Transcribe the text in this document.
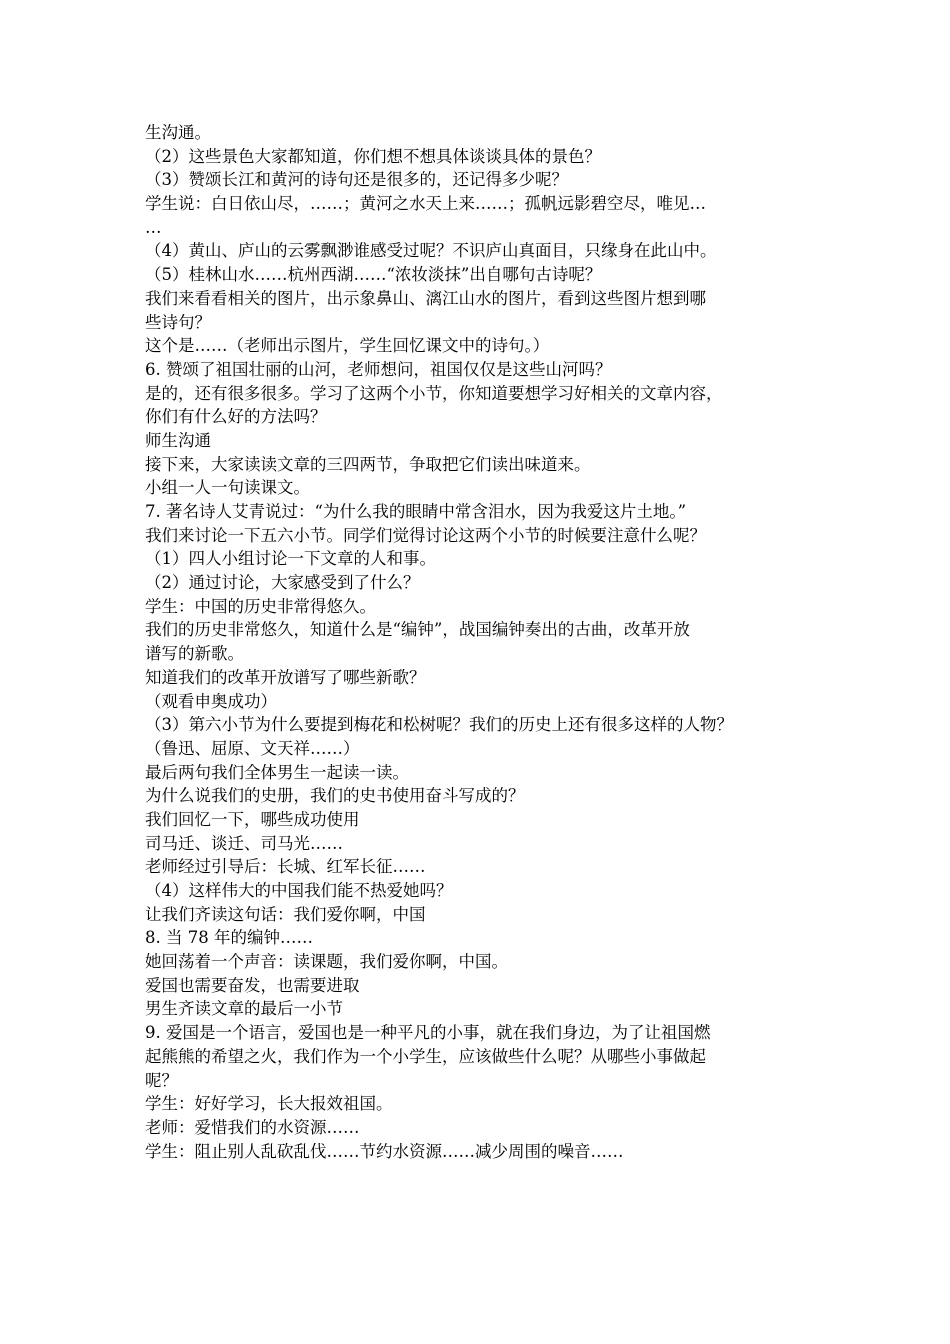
生沟通。
（2）这些景色大家都知道，你们想不想具体谈谈具体的景色？
（3）赞颂长江和黄河的诗句还是很多的，还记得多少呢？
学生说：白日依山尽，……；黄河之水天上来……；孤帆远影碧空尽，唯见…
…
（4）黄山、庐山的云雾飘渺谁感受过呢？不识庐山真面目，只缘身在此山中。
（5）桂林山水……杭州西湖……“浓妆淡抹”出自哪句古诗呢？
我们来看看相关的图片，出示象鼻山、漓江山水的图片，看到这些图片想到哪
些诗句？
这个是……（老师出示图片，学生回忆课文中的诗句。）
6. 赞颂了祖国壮丽的山河，老师想问，祖国仅仅是这些山河吗？
是的，还有很多很多。学习了这两个小节，你知道要想学习好相关的文章内容，
你们有什么好的方法吗？
师生沟通
接下来，大家读读文章的三四两节，争取把它们读出味道来。
小组一人一句读课文。
7. 著名诗人艾青说过：“为什么我的眼睛中常含泪水，因为我爱这片土地。”
我们来讨论一下五六小节。同学们觉得讨论这两个小节的时候要注意什么呢？
（1）四人小组讨论一下文章的人和事。
（2）通过讨论，大家感受到了什么？
学生：中国的历史非常得悠久。
我们的历史非常悠久，知道什么是“编钟”，战国编钟奏出的古曲，改革开放
谱写的新歌。
知道我们的改革开放谱写了哪些新歌？
（观看申奥成功）
（3）第六小节为什么要提到梅花和松树呢？我们的历史上还有很多这样的人物？
（鲁迅、屈原、文天祥……）
最后两句我们全体男生一起读一读。
为什么说我们的史册，我们的史书使用奋斗写成的？
我们回忆一下，哪些成功使用
司马迁、谈迁、司马光……
老师经过引导后：长城、红军长征……
（4）这样伟大的中国我们能不热爱她吗？
让我们齐读这句话：我们爱你啊，中国
8. 当 78 年的编钟……
她回荡着一个声音：读课题，我们爱你啊，中国。
爱国也需要奋发，也需要进取
男生齐读文章的最后一小节
9. 爱国是一个语言，爱国也是一种平凡的小事，就在我们身边，为了让祖国燃
起熊熊的希望之火，我们作为一个小学生，应该做些什么呢？从哪些小事做起
呢？
学生：好好学习，长大报效祖国。
老师：爱惜我们的水资源……
学生：阻止别人乱砍乱伐……节约水资源……减少周围的噪音……
